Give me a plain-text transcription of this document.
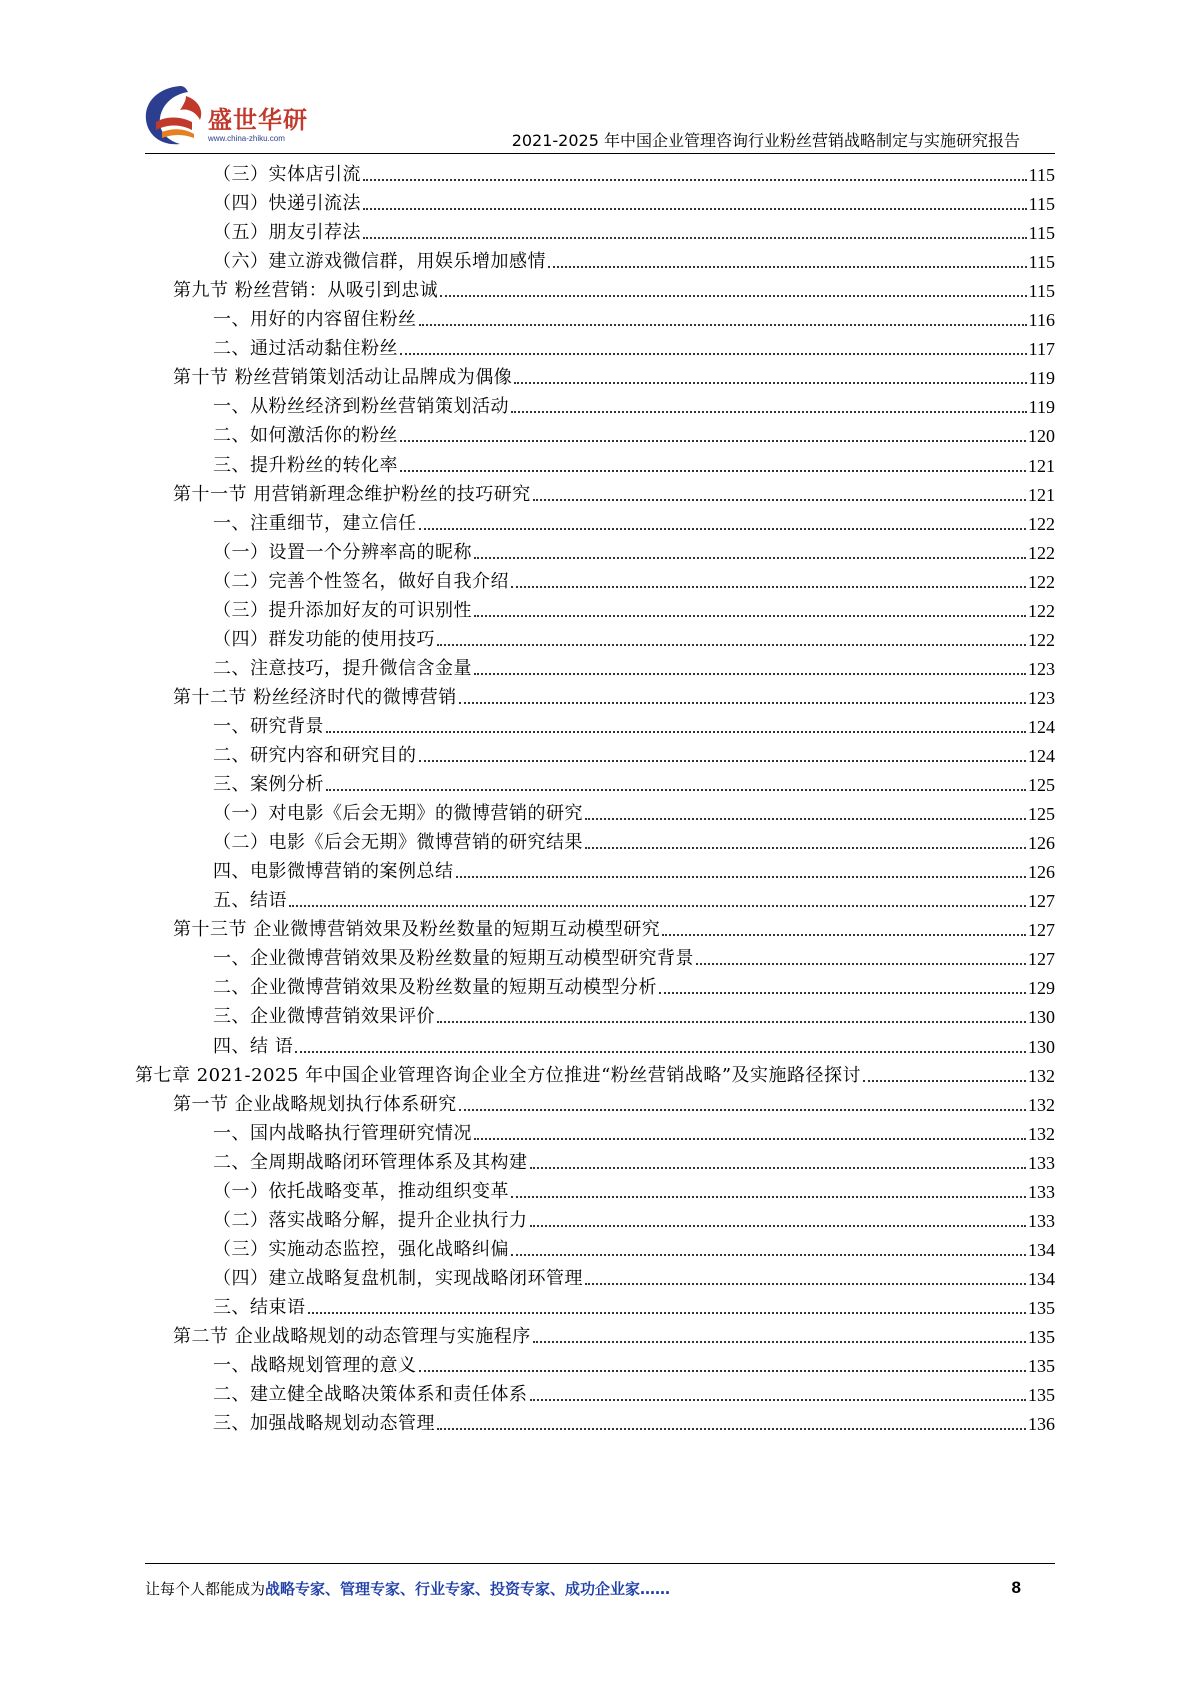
盛世华研
www.china-zhiku.com	2021-2025 年中国企业管理咨询行业粉丝营销战略制定与实施研究报告
（三）实体店引流	115
（四）快递引流法	115
（五）朋友引荐法	115
（六）建立游戏微信群，用娱乐增加感情	115
第九节 粉丝营销：从吸引到忠诚	115
一、用好的内容留住粉丝	116
二、通过活动黏住粉丝	117
第十节 粉丝营销策划活动让品牌成为偶像	119
一、从粉丝经济到粉丝营销策划活动	119
二、如何激活你的粉丝	120
三、提升粉丝的转化率	121
第十一节 用营销新理念维护粉丝的技巧研究	121
一、注重细节，建立信任	122
（一）设置一个分辨率高的昵称	122
（二）完善个性签名，做好自我介绍	122
（三）提升添加好友的可识别性	122
（四）群发功能的使用技巧	122
二、注意技巧，提升微信含金量	123
第十二节 粉丝经济时代的微博营销	123
一、研究背景	124
二、研究内容和研究目的	124
三、案例分析	125
（一）对电影《后会无期》的微博营销的研究	125
（二）电影《后会无期》微博营销的研究结果	126
四、电影微博营销的案例总结	126
五、结语	127
第十三节 企业微博营销效果及粉丝数量的短期互动模型研究	127
一、企业微博营销效果及粉丝数量的短期互动模型研究背景	127
二、企业微博营销效果及粉丝数量的短期互动模型分析	129
三、企业微博营销效果评价	130
四、结 语	130
第七章 2021-2025 年中国企业管理咨询企业全方位推进“粉丝营销战略”及实施路径探讨	132
第一节 企业战略规划执行体系研究	132
一、国内战略执行管理研究情况	132
二、全周期战略闭环管理体系及其构建	133
（一）依托战略变革，推动组织变革	133
（二）落实战略分解，提升企业执行力	133
（三）实施动态监控，强化战略纠偏	134
（四）建立战略复盘机制，实现战略闭环管理	134
三、结束语	135
第二节 企业战略规划的动态管理与实施程序	135
一、战略规划管理的意义	135
二、建立健全战略决策体系和责任体系	135
三、加强战略规划动态管理	136
让每个人都能成为战略专家、管理专家、行业专家、投资专家、成功企业家……	8
